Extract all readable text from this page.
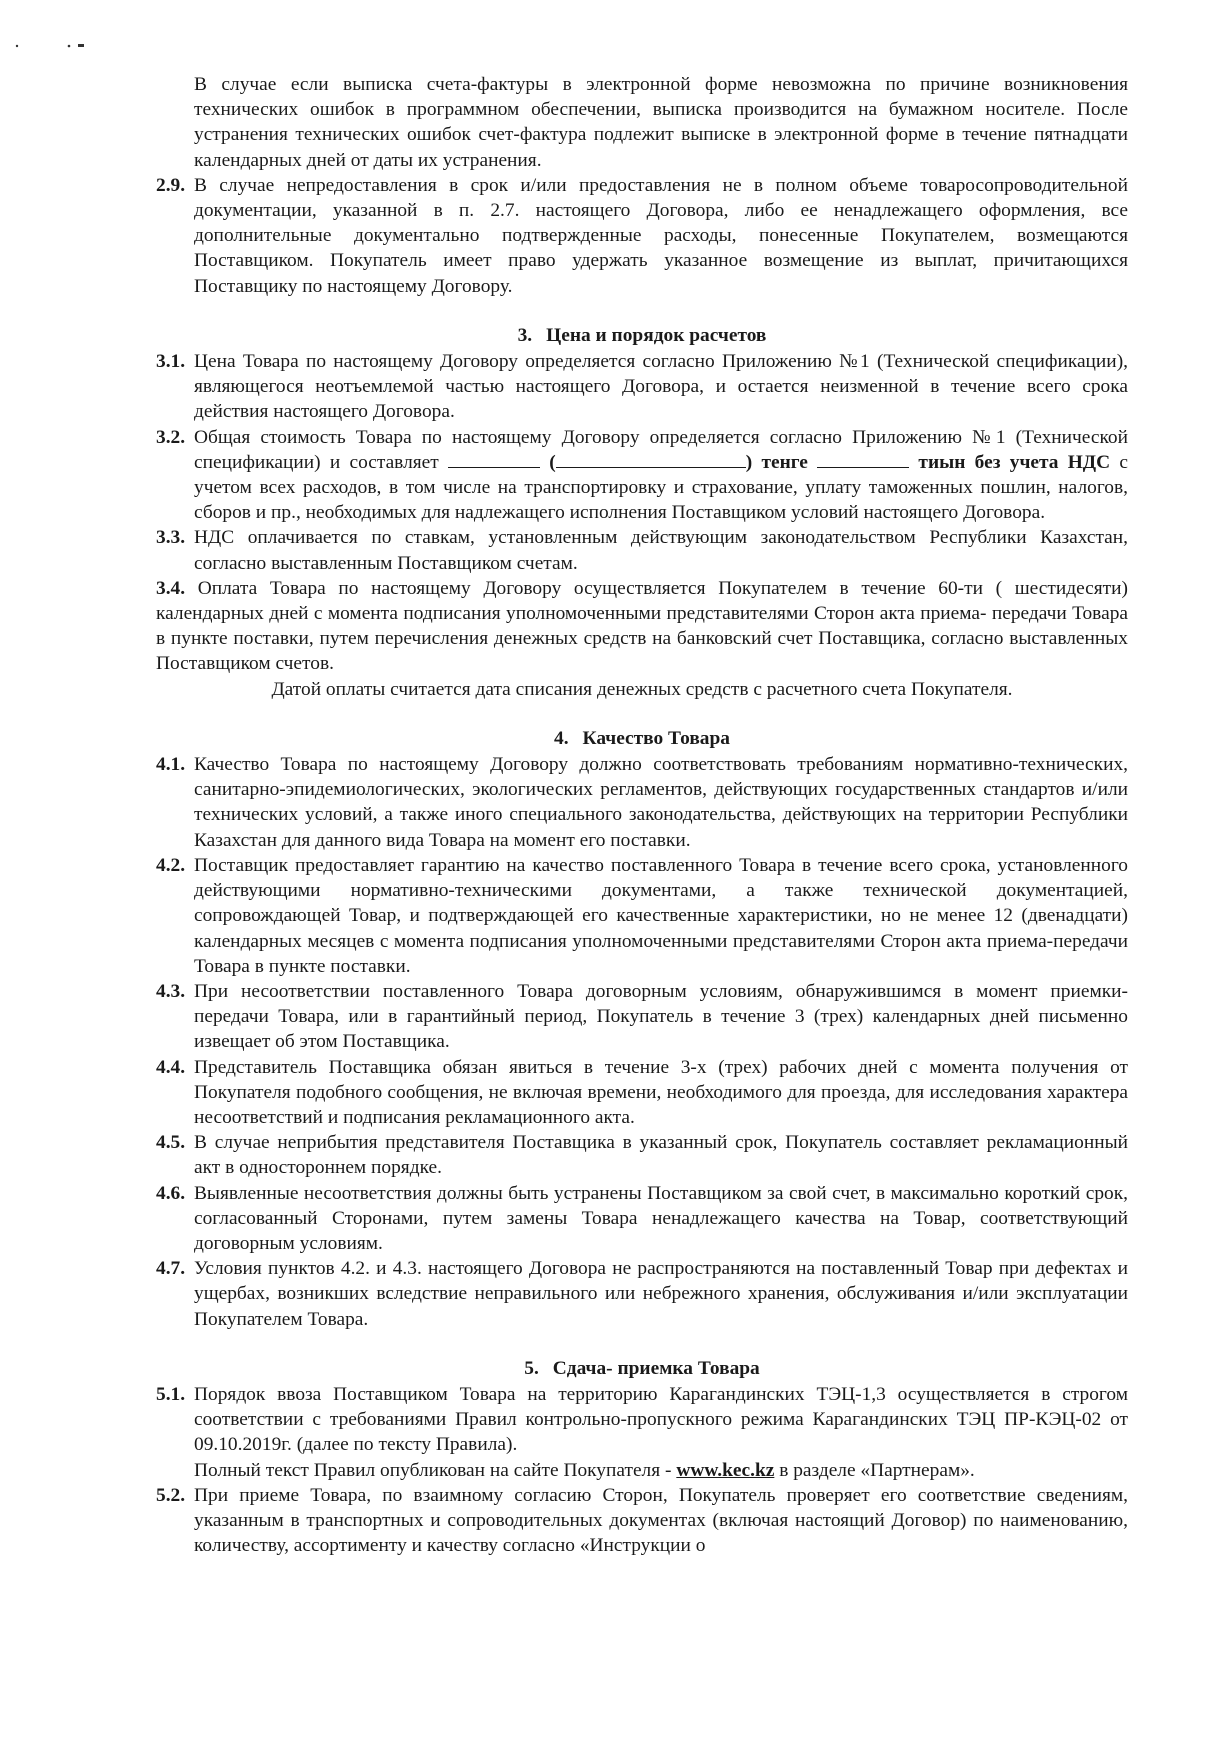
В случае если выписка счета-фактуры в электронной форме невозможна по причине возникновения технических ошибок в программном обеспечении, выписка производится на бумажном носителе. После устранения технических ошибок счет-фактура подлежит выписке в электронной форме в течение пятнадцати календарных дней от даты их устранения.

2.9. В случае непредоставления в срок и/или предоставления не в полном объеме товаросопроводительной документации, указанной в п. 2.7. настоящего Договора, либо ее ненадлежащего оформления, все дополнительные документально подтвержденные расходы, понесенные Покупателем, возмещаются Поставщиком. Покупатель имеет право удержать указанное возмещение из выплат, причитающихся Поставщику по настоящему Договору.
3. Цена и порядок расчетов
3.1. Цена Товара по настоящему Договору определяется согласно Приложению №1 (Технической спецификации), являющегося неотъемлемой частью настоящего Договора, и остается неизменной в течение всего срока действия настоящего Договора.
3.2. Общая стоимость Товара по настоящему Договору определяется согласно Приложению №1 (Технической спецификации) и составляет	(	) тенге	тиын без учета НДС с учетом всех расходов, в том числе на транспортировку и страхование, уплату таможенных пошлин, налогов, сборов и пр., необходимых для надлежащего исполнения Поставщиком условий настоящего Договора.
3.3. НДС оплачивается по ставкам, установленным действующим законодательством Республики Казахстан, согласно выставленным Поставщиком счетам.

3.4. Оплата Товара по настоящему Договору осуществляется Покупателем в течение 60-ти ( шестидесяти) календарных дней с момента подписания уполномоченными представителями Сторон акта приема- передачи Товара в пункте поставки, путем перечисления денежных средств на банковский счет Поставщика, согласно выставленных Поставщиком счетов.

Датой оплаты считается дата списания денежных средств с расчетного счета Покупателя.

4. Качество Товара
4.1. Качество Товара по настоящему Договору должно соответствовать требованиям нормативно-технических, санитарно-эпидемиологических, экологических регламентов, действующих государственных стандартов и/или технических условий, а также иного специального законодательства, действующих на территории Республики Казахстан для данного вида Товара на момент его поставки.
4.2. Поставщик предоставляет гарантию на качество поставленного Товара в течение всего срока, установленного действующими нормативно-техническими документами, а также технической документацией, сопровождающей Товар, и подтверждающей его качественные характеристики, но не менее 12 (двенадцати) календарных месяцев с момента подписания уполномоченными представителями Сторон акта приема-передачи Товара в пункте поставки.
4.3. При несоответствии поставленного Товара договорным условиям, обнаружившимся в момент приемки-передачи Товара, или в гарантийный период, Покупатель в течение 3 (трех) календарных дней письменно извещает об этом Поставщика.
4.4. Представитель Поставщика обязан явиться в течение 3-х (трех) рабочих дней с момента получения от Покупателя подобного сообщения, не включая времени, необходимого для проезда, для исследования характера несоответствий и подписания рекламационного акта.
4.5. В случае неприбытия представителя Поставщика в указанный срок, Покупатель составляет рекламационный акт в одностороннем порядке.
4.6. Выявленные несоответствия должны быть устранены Поставщиком за свой счет, в максимально короткий срок, согласованный Сторонами, путем замены Товара ненадлежащего качества на Товар, соответствующий договорным условиям.
4.7. Условия пунктов 4.2. и 4.3. настоящего Договора не распространяются на поставленный Товар при дефектах и ущербах, возникших вследствие неправильного или небрежного хранения, обслуживания и/или эксплуатации Покупателем Товара.
5. Сдача- приемка Товара
5.1. Порядок ввоза Поставщиком Товара на территорию Карагандинских ТЭЦ-1,3 осуществляется в строгом соответствии с требованиями Правил контрольно-пропускного режима Карагандинских ТЭЦ ПР-КЭЦ-02 от 09.10.2019г. (далее по тексту Правила).
Полный текст Правил опубликован на сайте Покупателя - www.kec.kz в разделе «Партнерам».
5.2. При приеме Товара, по взаимному согласию Сторон, Покупатель проверяет его соответствие сведениям, указанным в транспортных и сопроводительных документах (включая настоящий Договор) по наименованию, количеству, ассортименту и качеству согласно «Инструкции о
